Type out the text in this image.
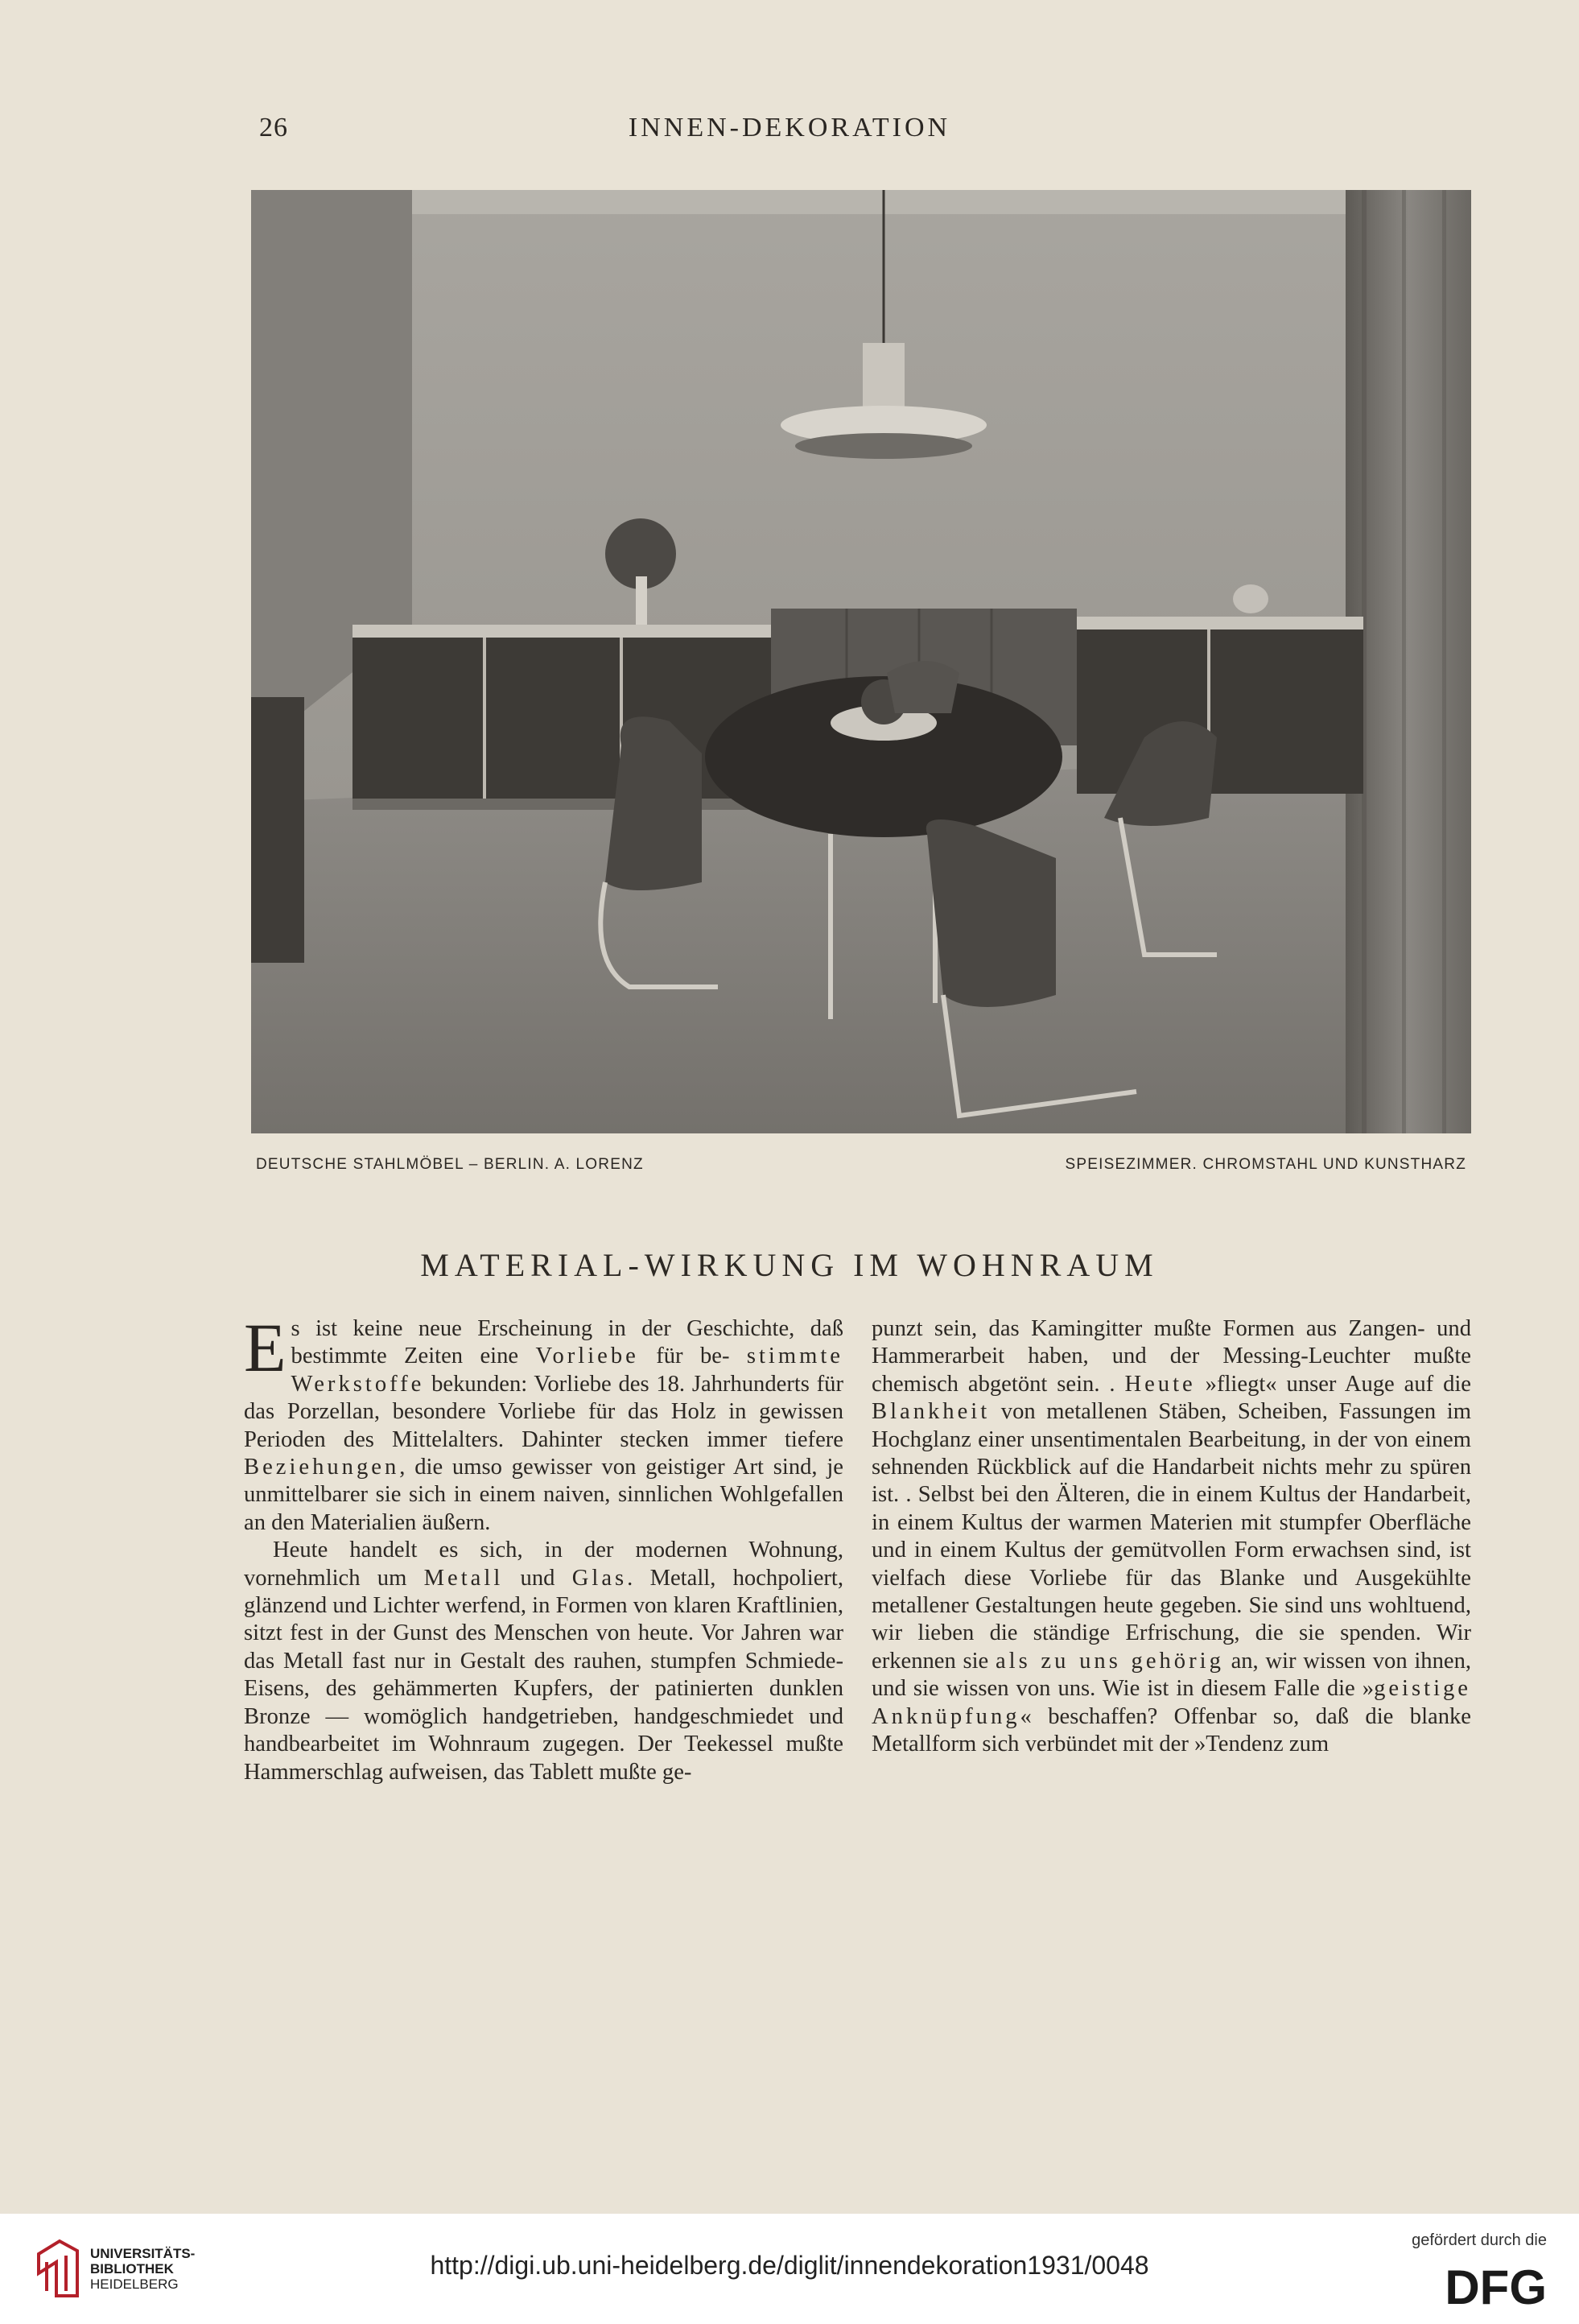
26	INNEN-DEKORATION
DEUTSCHE STAHLMÖBEL – BERLIN. A. LORENZ	SPEISEZIMMER. CHROMSTAHL UND KUNSTHARZ
MATERIAL-WIRKUNG IM WOHNRAUM

Es ist keine neue Erscheinung in der Geschichte, daß bestimmte Zeiten eine Vorliebe für be- stimmte Werkstoffe bekunden: Vorliebe des 18. Jahrhunderts für das Porzellan, besondere Vorliebe für das Holz in gewissen Perioden des Mittelalters. Dahinter stecken immer tiefere Beziehungen, die umso gewisser von geistiger Art sind, je unmittelbarer sie sich in einem naiven, sinnlichen Wohlgefallen an den Materialien äußern.

Heute handelt es sich, in der modernen Wohnung, vornehmlich um Metall und Glas. Metall, hochpoliert, glänzend und Lichter werfend, in Formen von klaren Kraftlinien, sitzt fest in der Gunst des Menschen von heute. Vor Jahren war das Metall fast nur in Gestalt des rauhen, stumpfen Schmiede-Eisens, des gehämmerten Kupfers, der patinierten dunklen Bronze — womöglich handgetrieben, handgeschmiedet und handbearbeitet im Wohnraum zugegen. Der Teekessel mußte Hammerschlag aufweisen, das Tablett mußte ge-

punzt sein, das Kamingitter mußte Formen aus Zangen- und Hammerarbeit haben, und der Messing-Leuchter mußte chemisch abgetönt sein. . Heute »fliegt« unser Auge auf die Blankheit von metallenen Stäben, Scheiben, Fassungen im Hochglanz einer unsentimentalen Bearbeitung, in der von einem sehnenden Rückblick auf die Handarbeit nichts mehr zu spüren ist. . Selbst bei den Älteren, die in einem Kultus der Handarbeit, in einem Kultus der warmen Materien mit stumpfer Oberfläche und in einem Kultus der gemütvollen Form erwachsen sind, ist vielfach diese Vorliebe für das Blanke und Ausgekühlte metallener Gestaltungen heute gegeben. Sie sind uns wohltuend, wir lieben die ständige Erfrischung, die sie spenden. Wir erkennen sie als zu uns gehörig an, wir wissen von ihnen, und sie wissen von uns. Wie ist in diesem Falle die »geistige Anknüpfung« beschaffen? Offenbar so, daß die blanke Metallform sich verbündet mit der »Tendenz zum

UNIVERSITÄTS-
BIBLIOTHEK
HEIDELBERG
http://digi.ub.uni-heidelberg.de/diglit/innendekoration1931/0048
gefördert durch die
DFG
